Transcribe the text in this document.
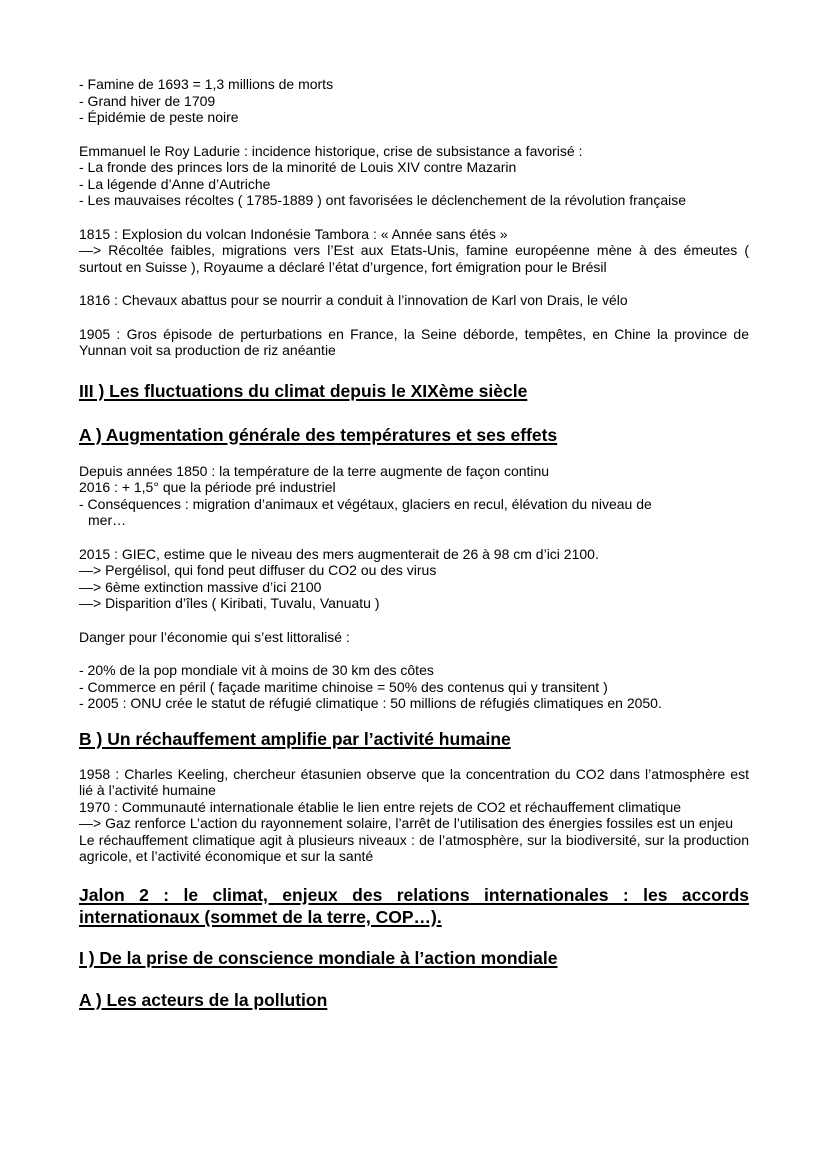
- Famine de 1693 = 1,3 millions de morts

- Grand hiver de 1709

- Épidémie de peste noire

Emmanuel le Roy Ladurie : incidence historique, crise de subsistance a favorisé :

- La fronde des princes lors de la minorité de Louis XIV contre Mazarin

- La légende d’Anne d’Autriche

- Les mauvaises récoltes ( 1785-1889 ) ont favorisées le déclenchement de la révolution française

1815 : Explosion du volcan Indonésie Tambora : « Année sans étés »

—> Récoltée faibles, migrations vers l’Est aux Etats-Unis, famine européenne mène à des émeutes ( surtout en Suisse ), Royaume a déclaré l’état d’urgence, fort émigration pour le Brésil

1816 : Chevaux abattus pour se nourrir a conduit à l’innovation de Karl von Drais, le vélo

1905 : Gros épisode de perturbations en France, la Seine déborde, tempêtes, en Chine la province de Yunnan voit sa production de riz anéantie

III ) Les fluctuations du climat depuis le XIXème siècle

A ) Augmentation générale des températures et ses effets

Depuis années 1850 : la température de la terre augmente de façon continu

2016 : + 1,5° que la période pré industriel

- Conséquences : migration d’animaux et végétaux, glaciers en recul, élévation du niveau de

mer…

2015 : GIEC, estime que le niveau des mers augmenterait de 26 à 98 cm d’ici 2100.

—> Pergélisol, qui fond peut diffuser du CO2 ou des virus

—> 6ème extinction massive d’ici 2100

—> Disparition d’îles ( Kiribati, Tuvalu, Vanuatu )

Danger pour l’économie qui s’est littoralisé :

- 20% de la pop mondiale vit à moins de 30 km des côtes

- Commerce en péril ( façade maritime chinoise = 50% des contenus qui y transitent )

- 2005 : ONU crée le statut de réfugié climatique : 50 millions de réfugiés climatiques en 2050.

B ) Un réchauffement amplifie par l’activité humaine

1958 : Charles Keeling, chercheur étasunien observe que la concentration du CO2 dans l’atmosphère est lié à l’activité humaine

1970 : Communauté internationale établie le lien entre rejets de CO2 et réchauffement climatique

—> Gaz renforce L’action du rayonnement solaire, l’arrêt de l’utilisation des énergies fossiles est un enjeu

Le réchauffement climatique agit à plusieurs niveaux : de l’atmosphère, sur la biodiversité, sur la production agricole, et l’activité économique et sur la santé

Jalon 2 : le climat, enjeux des relations internationales : les accords internationaux (sommet de la terre, COP…).

I ) De la prise de conscience mondiale à l’action mondiale

A ) Les acteurs de la pollution
